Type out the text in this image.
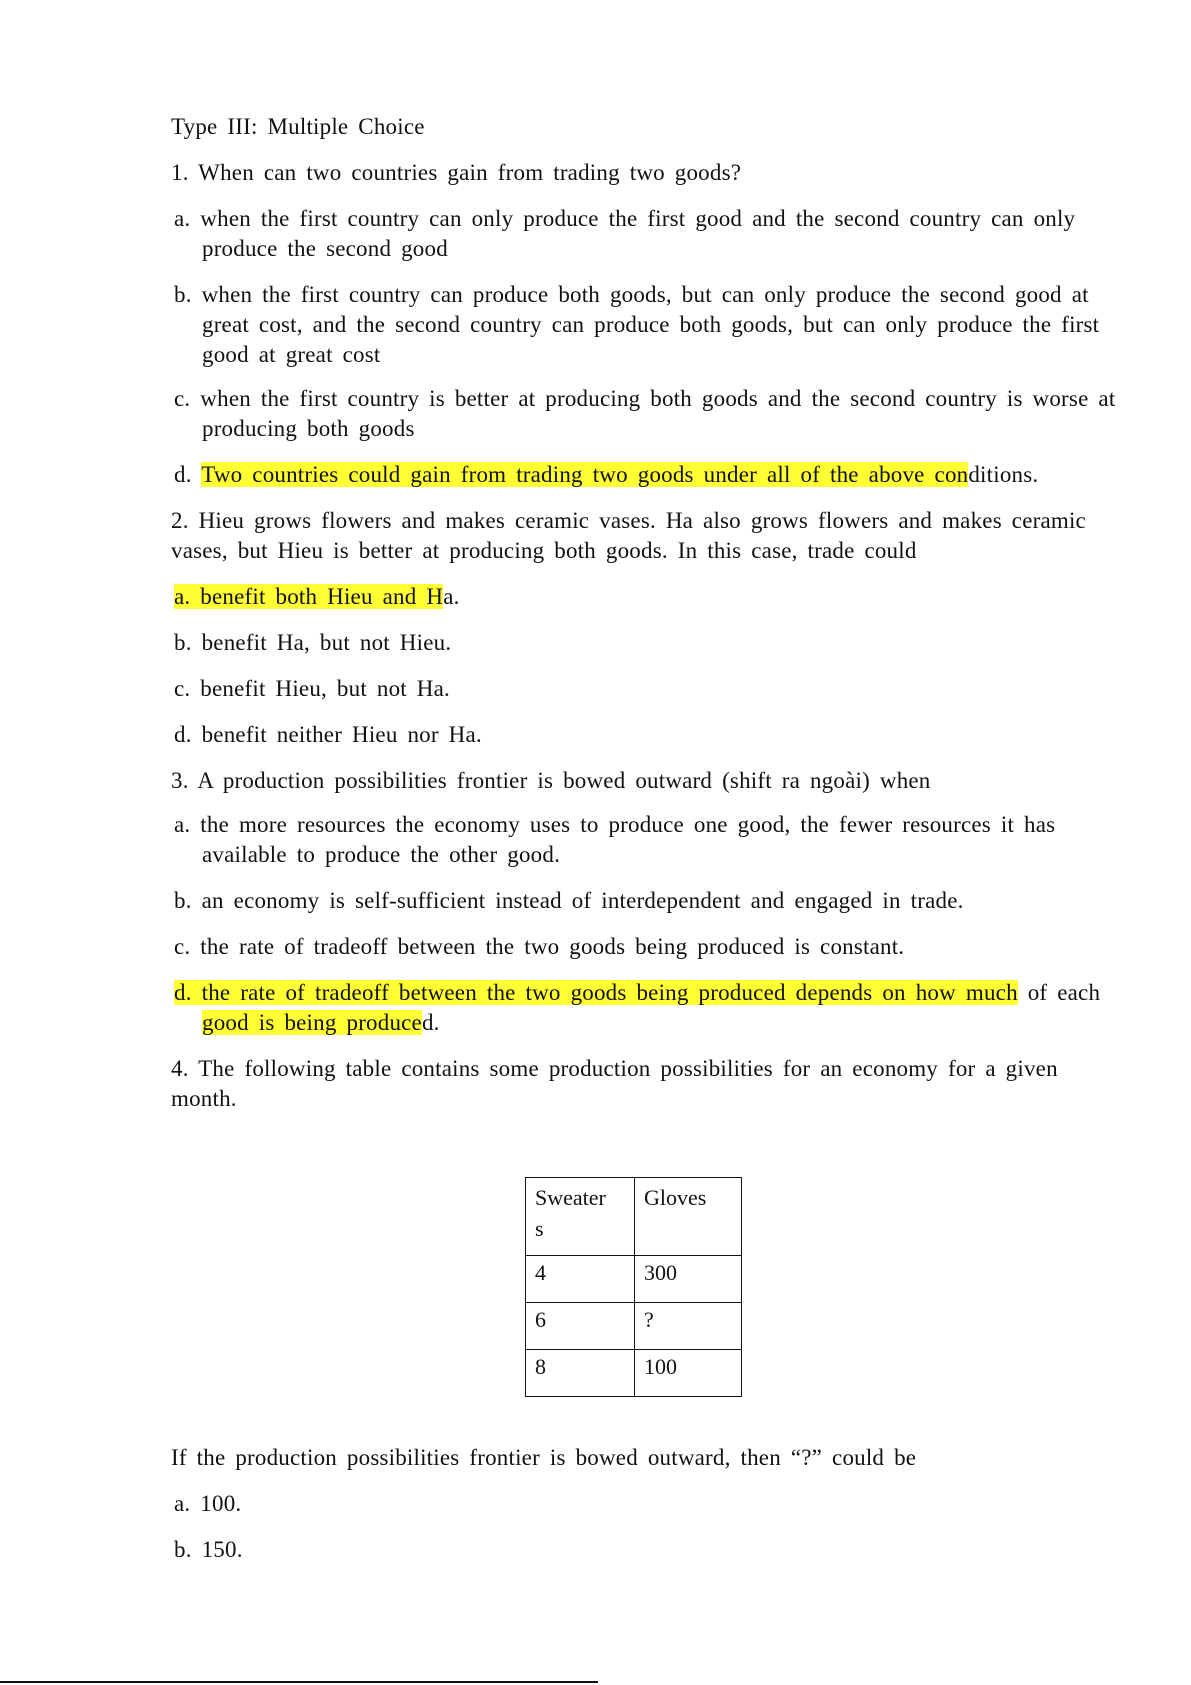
Type III: Multiple Choice
1. When can two countries gain from trading two goods?
a. when the first country can only produce the first good and the second country can only
produce the second good
b. when the first country can produce both goods, but can only produce the second good at
great cost, and the second country can produce both goods, but can only produce the first
good at great cost
c. when the first country is better at producing both goods and the second country is worse at
producing both goods
d. Two countries could gain from trading two goods under all of the above conditions.
2. Hieu grows flowers and makes ceramic vases. Ha also grows flowers and makes ceramic
vases, but Hieu is better at producing both goods. In this case, trade could
a. benefit both Hieu and Ha.
b. benefit Ha, but not Hieu.
c. benefit Hieu, but not Ha.
d. benefit neither Hieu nor Ha.
3. A production possibilities frontier is bowed outward (shift ra ngoài) when
a. the more resources the economy uses to produce one good, the fewer resources it has
available to produce the other good.
b. an economy is self-sufficient instead of interdependent and engaged in trade.
c. the rate of tradeoff between the two goods being produced is constant.
d. the rate of tradeoff between the two goods being produced depends on how much of each
good is being produced.
4. The following table contains some production possibilities for an economy for a given
month.
Sweater
s	Gloves
4	300
6	?
8	100
If the production possibilities frontier is bowed outward, then “?” could be
a. 100.
b. 150.
